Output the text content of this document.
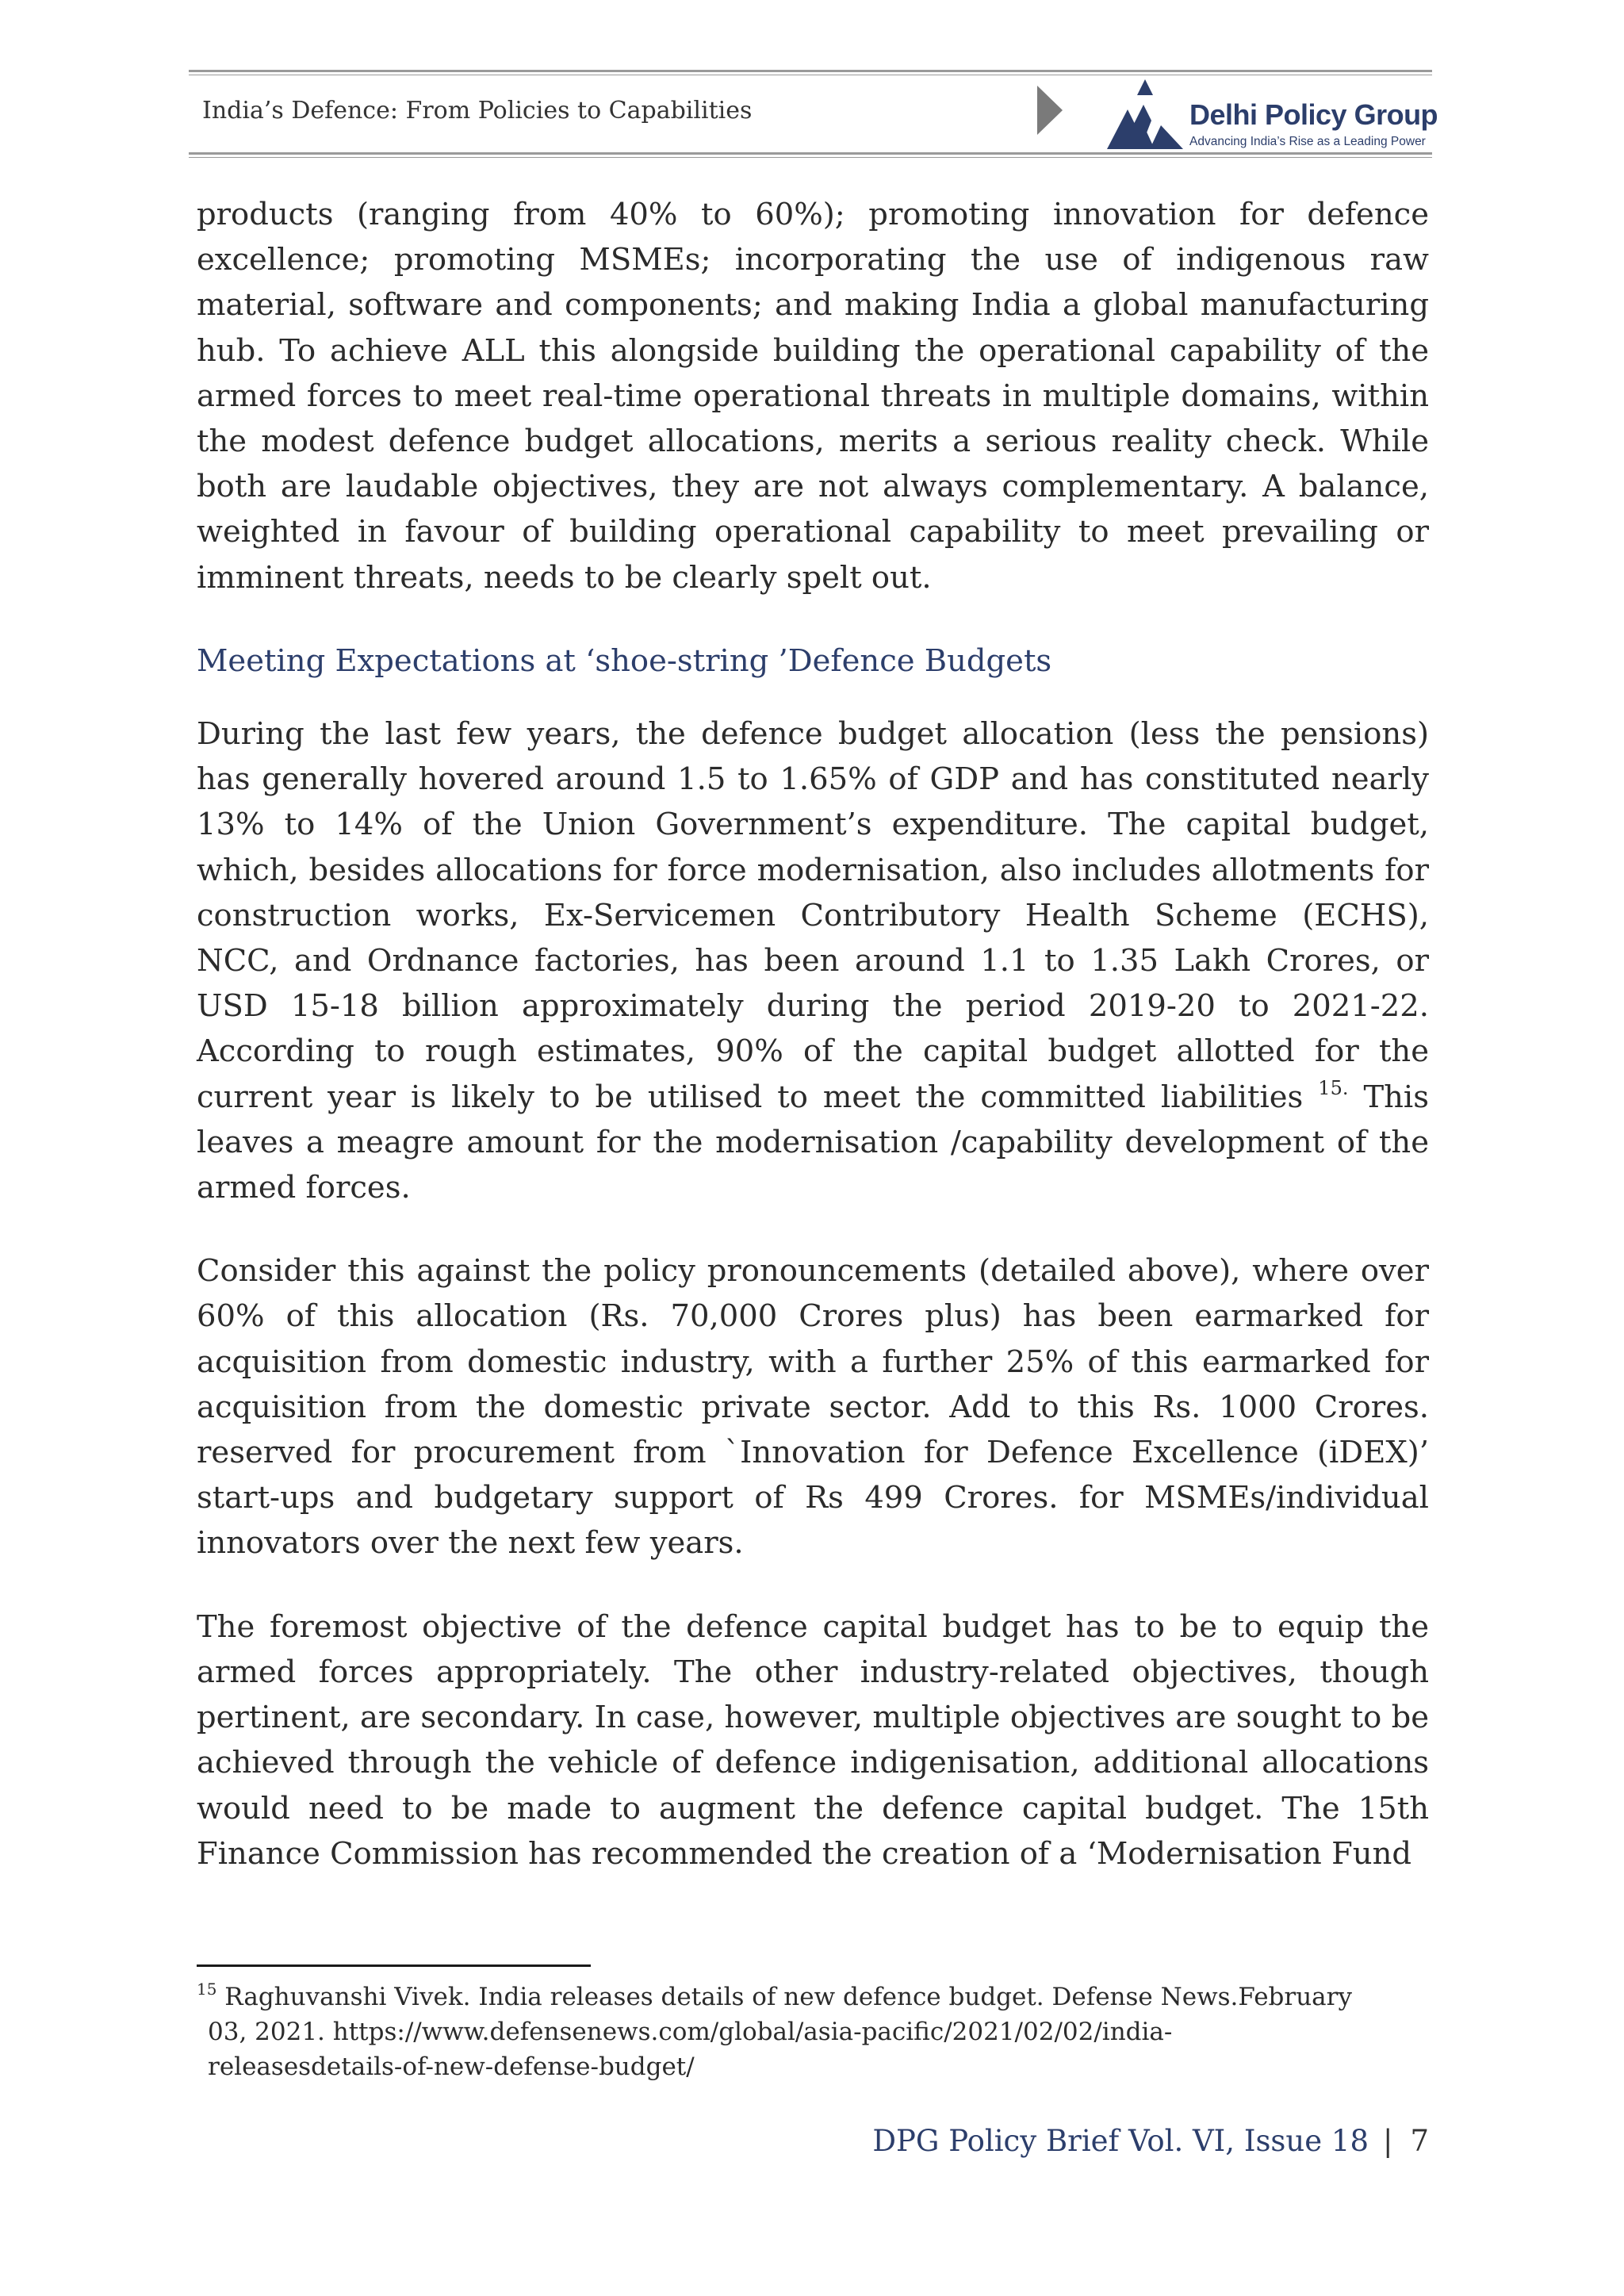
India’s Defence: From Policies to Capabilities	Delhi Policy Group
Advancing India’s Rise as a Leading Power

products (ranging from 40% to 60%); promoting innovation for defence excellence; promoting MSMEs; incorporating the use of indigenous raw material, software and components; and making India a global manufacturing hub. To achieve ALL this alongside building the operational capability of the armed forces to meet real-time operational threats in multiple domains, within the modest defence budget allocations, merits a serious reality check. While both are laudable objectives, they are not always complementary. A balance, weighted in favour of building operational capability to meet prevailing or imminent threats, needs to be clearly spelt out.

Meeting Expectations at ‘shoe-string ’Defence Budgets

During the last few years, the defence budget allocation (less the pensions) has generally hovered around 1.5 to 1.65% of GDP and has constituted nearly 13% to 14% of the Union Government’s expenditure. The capital budget, which, besides allocations for force modernisation, also includes allotments for construction works, Ex-Servicemen Contributory Health Scheme (ECHS), NCC, and Ordnance factories, has been around 1.1 to 1.35 Lakh Crores, or USD 15-18 billion approximately during the period 2019-20 to 2021-22. According to rough estimates, 90% of the capital budget allotted for the current year is likely to be utilised to meet the committed liabilities $^{15.}$ This leaves a meagre amount for the modernisation /capability development of the armed forces.

Consider this against the policy pronouncements (detailed above), where over 60% of this allocation (Rs. 70,000 Crores plus) has been earmarked for acquisition from domestic industry, with a further 25% of this earmarked for acquisition from the domestic private sector. Add to this Rs. 1000 Crores. reserved for procurement from `Innovation for Defence Excellence (iDEX)’ start-ups and budgetary support of Rs 499 Crores. for MSMEs/individual innovators over the next few years.

The foremost objective of the defence capital budget has to be to equip the armed forces appropriately. The other industry-related objectives, though pertinent, are secondary. In case, however, multiple objectives are sought to be achieved through the vehicle of defence indigenisation, additional allocations would need to be made to augment the defence capital budget. The 15th Finance Commission has recommended the creation of a ‘Modernisation Fund

$^{15}$ Raghuvanshi Vivek. India releases details of new defence budget. Defense News.February

03, 2021. https://www.defensenews.com/global/asia-pacific/2021/02/02/india-

releasesdetails-of-new-defense-budget/

DPG Policy Brief Vol. VI, Issue 18 | 7
